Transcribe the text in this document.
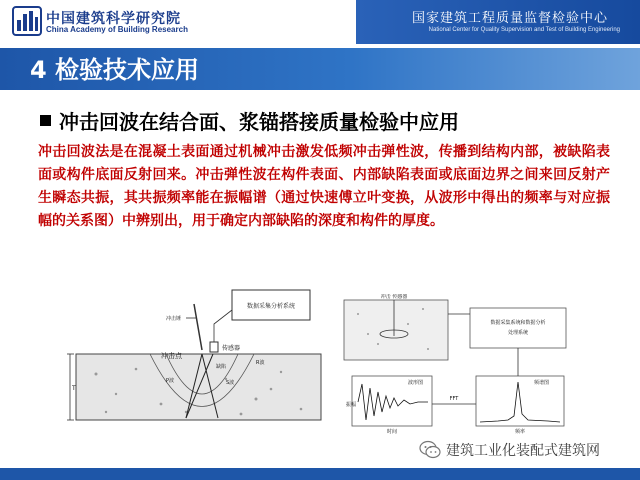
中国建筑科学研究院
China Academy of Building Research
国家建筑工程质量监督检验中心
National Center for Quality Supervision and Test of Building Engineering
4 检验技术应用
冲击回波在结合面、浆锚搭接质量检验中应用
冲击回波法是在混凝土表面通过机械冲击激发低频冲击弹性波，传播到结构内部，被缺陷表面或构件底面反射回来。冲击弹性波在构件表面、内部缺陷表面或底面边界之间来回反射产生瞬态共振，其共振频率能在振幅谱（通过快速傅立叶变换，从波形中得出的频率与对应振幅的关系图）中辨别出，用于确定内部缺陷的深度和构件的厚度。
数据采集分析系统
冲击点
传感器
冲击锤
缺陷
P波	S波
R波
T
冲击 传感器
数据采集系统和数据分析
处理系统
波形图	频谱图
FFT
时间	频率
振幅
建筑工业化装配式建筑网
